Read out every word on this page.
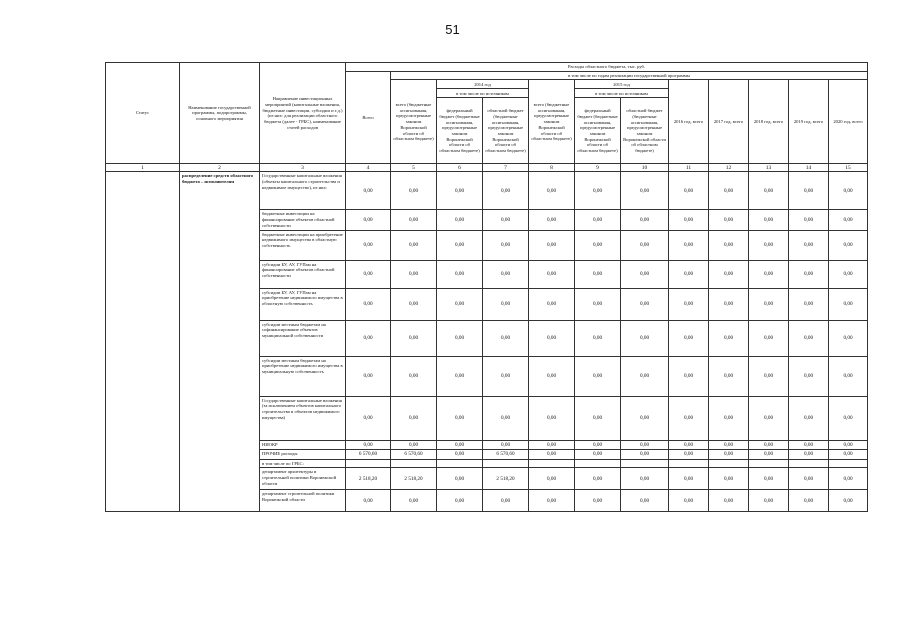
51
Статус	Наименование государственной программы, подпрограммы, основного мероприятия	Направление инвестиционных мероприятий (капитальные вложения, бюджетные инвестиции, субсидии и т.д.) (из них: для реализации областного бюджета (далее - ГРБС), наименование статей расходов	Расходы областного бюджета, тыс. руб.											
			Всего	в том числе по годам реализации государственной программы										
				всего (бюджетные ассигнования, предусмотренные законом Воронежской области об областном бюджете)	2014 год		всего (бюджетные ассигнования, предусмотренные законом Воронежской области об областном бюджете)	2015 год		2016 год, всего	2017 год, всего	2018 год, всего	2019 год, всего	2020 год, всего
					в том числе по источникам			в том числе по источникам						
					федеральный бюджет (бюджетные ассигнования, предусмотренные законом Воронежской области об областном бюджете)	областной бюджет (бюджетные ассигнования, предусмотренные законом Воронежской области об областном бюджете)		федеральный бюджет (бюджетные ассигнования, предусмотренные законом Воронежской области об областном бюджете)	областной бюджет (бюджетные ассигнования, предусмотренные законом Воронежской области об областном бюджете)					
1	2	3	4	5	6	7	8	9	10	11	12	13	14	15
	распределение средств областного бюджета – исполнителям	Государственные капитальные вложения (объекты капитального строительства и недвижимое имущество), из них:	0,00	0,00	0,00	0,00	0,00	0,00	0,00	0,00	0,00	0,00	0,00	0,00
		бюджетные инвестиции на финансирование объектов областной собственности	0,00	0,00	0,00	0,00	0,00	0,00	0,00	0,00	0,00	0,00	0,00	0,00
		бюджетные инвестиции на приобретение недвижимого имущества в областную собственность	0,00	0,00	0,00	0,00	0,00	0,00	0,00	0,00	0,00	0,00	0,00	0,00
		субсидии БУ, АУ, ГУПам на финансирование объектов областной собственности	0,00	0,00	0,00	0,00	0,00	0,00	0,00	0,00	0,00	0,00	0,00	0,00
		субсидии БУ, АУ, ГУПам на приобретение недвижимого имущества в областную собственность	0,00	0,00	0,00	0,00	0,00	0,00	0,00	0,00	0,00	0,00	0,00	0,00
		субсидии местным бюджетам на софинансирование объектов муниципальной собственности	0,00	0,00	0,00	0,00	0,00	0,00	0,00	0,00	0,00	0,00	0,00	0,00
		субсидии местным бюджетам на приобретение недвижимого имущества в муниципальную собственность	0,00	0,00	0,00	0,00	0,00	0,00	0,00	0,00	0,00	0,00	0,00	0,00
		Государственные капитальные вложения (за исключением объектов капитального строительства и объектов недвижимого имущества)	0,00	0,00	0,00	0,00	0,00	0,00	0,00	0,00	0,00	0,00	0,00	0,00
		НИОКР	0,00	0,00	0,00	0,00	0,00	0,00	0,00	0,00	0,00	0,00	0,00	0,00
		ПРОЧИЕ расходы	6 570,60	6 570,60	0,00	6 570,60	0,00	0,00	0,00	0,00	0,00	0,00	0,00	0,00
		в том числе по ГРБС:												
		департамент архитектуры и строительной политики Воронежской области	2 518,20	2 518,20	0,00	2 518,20	0,00	0,00	0,00	0,00	0,00	0,00	0,00	0,00
		департамент строительной политики Воронежской области	0,00	0,00	0,00	0,00	0,00	0,00	0,00	0,00	0,00	0,00	0,00	0,00
